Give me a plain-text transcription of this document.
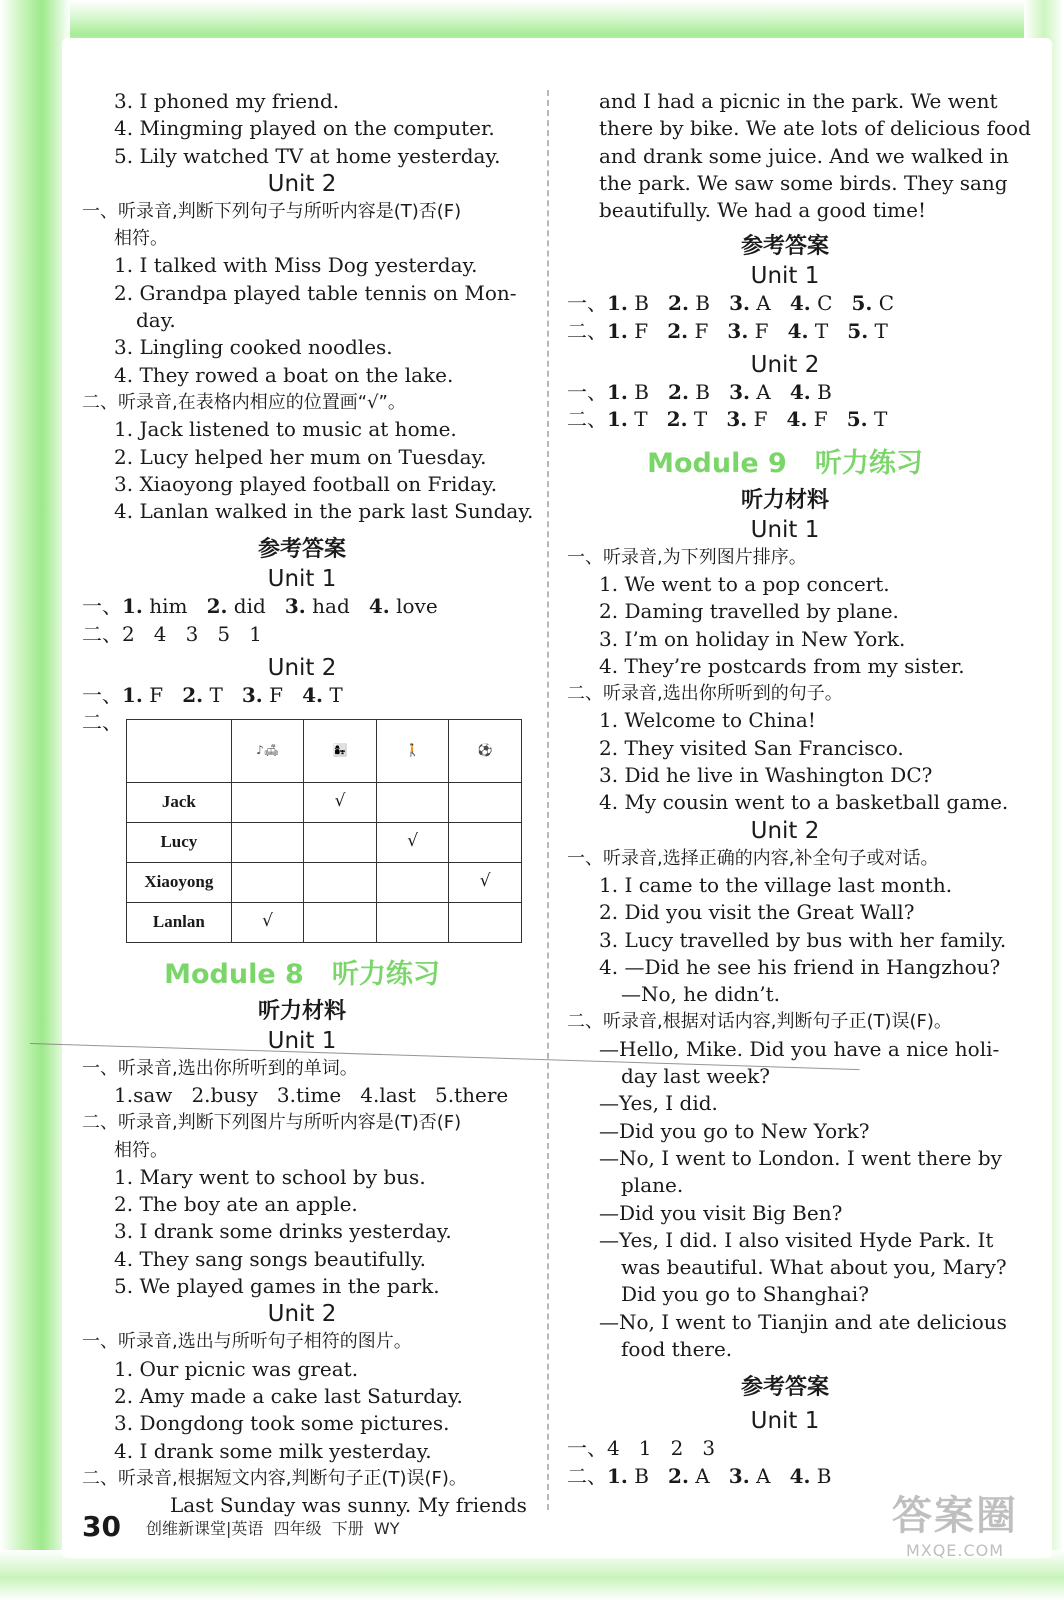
3. I phoned my friend.
4. Mingming played on the computer.
5. Lily watched TV at home yesterday.
Unit 2
一、听录音,判断下列句子与所听内容是(T)否(F)
相符。
1. I talked with Miss Dog yesterday.
2. Grandpa played table tennis on Mon-
day.
3. Lingling cooked noodles.
4. They rowed a boat on the lake.
二、听录音,在表格内相应的位置画“√”。
1. Jack listened to music at home.
2. Lucy helped her mum on Tuesday.
3. Xiaoyong played football on Friday.
4. Lanlan walked in the park last Sunday.
参考答案
Unit 1
一、1. him   2. did   3. had   4. love
二、2   4   3   5   1
Unit 2
一、1. F   2. T   3. F   4. T
二、
	♪🛋	👩‍👧	🚶	⚽
Jack		√		
Lucy			√	
Xiaoyong				√
Lanlan	√			
Module 8 听力练习
听力材料
Unit 1
一、听录音,选出你所听到的单词。
1.saw   2.busy   3.time   4.last   5.there
二、听录音,判断下列图片与所听内容是(T)否(F)
相符。
1. Mary went to school by bus.
2. The boy ate an apple.
3. I drank some drinks yesterday.
4. They sang songs beautifully.
5. We played games in the park.
Unit 2
一、听录音,选出与所听句子相符的图片。
1. Our picnic was great.
2. Amy made a cake last Saturday.
3. Dongdong took some pictures.
4. I drank some milk yesterday.
二、听录音,根据短文内容,判断句子正(T)误(F)。
Last Sunday was sunny. My friends
and I had a picnic in the park. We went
there by bike. We ate lots of delicious food
and drank some juice. And we walked in
the park. We saw some birds. They sang
beautifully. We had a good time!
参考答案
Unit 1
一、1. B   2. B   3. A   4. C   5. C
二、1. F   2. F   3. F   4. T   5. T
Unit 2
一、1. B   2. B   3. A   4. B
二、1. T   2. T   3. F   4. F   5. T
Module 9 听力练习
听力材料
Unit 1
一、听录音,为下列图片排序。
1. We went to a pop concert.
2. Daming travelled by plane.
3. I’m on holiday in New York.
4. They’re postcards from my sister.
二、听录音,选出你所听到的句子。
1. Welcome to China!
2. They visited San Francisco.
3. Did he live in Washington DC?
4. My cousin went to a basketball game.
Unit 2
一、听录音,选择正确的内容,补全句子或对话。
1. I came to the village last month.
2. Did you visit the Great Wall?
3. Lucy travelled by bus with her family.
4. —Did he see his friend in Hangzhou?
—No, he didn’t.
二、听录音,根据对话内容,判断句子正(T)误(F)。
—Hello, Mike. Did you have a nice holi-
day last week?
—Yes, I did.
—Did you go to New York?
—No, I went to London. I went there by
plane.
—Did you visit Big Ben?
—Yes, I did. I also visited Hyde Park. It
was beautiful. What about you, Mary?
Did you go to Shanghai?
—No, I went to Tianjin and ate delicious
food there.
参考答案
Unit 1
一、4   1   2   3
二、1. B   2. A   3. A   4. B
30 创维新课堂|英语  四年级  下册  WY	答案圈
MXQE.COM
